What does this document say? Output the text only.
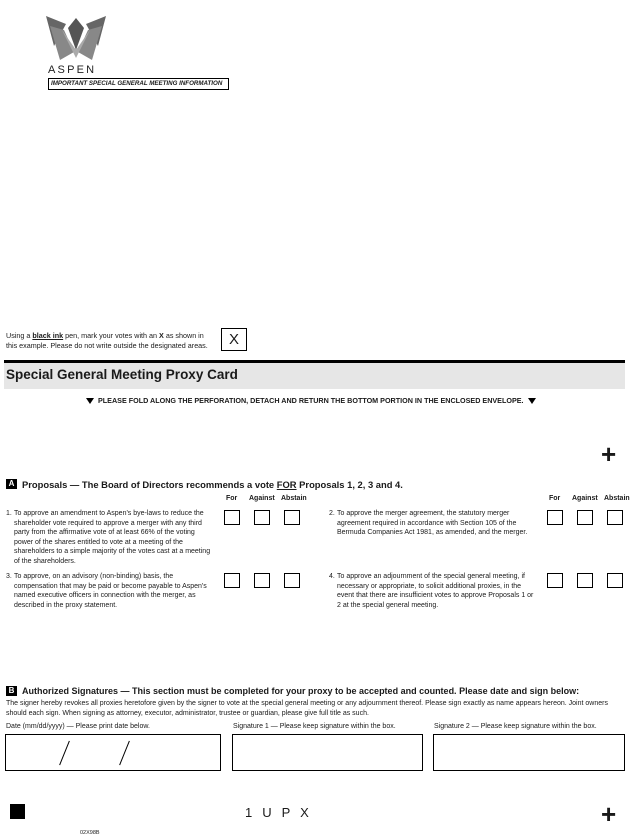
ASPEN
IMPORTANT SPECIAL GENERAL MEETING INFORMATION
Using a black ink pen, mark your votes with an X as shown in this example. Please do not write outside the designated areas.	X
Special General Meeting Proxy Card
PLEASE FOLD ALONG THE PERFORATION, DETACH AND RETURN THE BOTTOM PORTION IN THE ENCLOSED ENVELOPE.
+
A Proposals — The Board of Directors recommends a vote FOR Proposals 1, 2, 3 and 4.
For Against Abstain	For Against Abstain
1. To approve an amendment to Aspen's bye-laws to reduce the shareholder vote required to approve a merger with any third party from the affirmative vote of at least 66% of the voting power of the shares entitled to vote at a meeting of the shareholders to a simple majority of the votes cast at a meeting of the shareholders.
2. To approve the merger agreement, the statutory merger agreement required in accordance with Section 105 of the Bermuda Companies Act 1981, as amended, and the merger.
3. To approve, on an advisory (non-binding) basis, the compensation that may be paid or become payable to Aspen's named executive officers in connection with the merger, as described in the proxy statement.
4. To approve an adjournment of the special general meeting, if necessary or appropriate, to solicit additional proxies, in the event that there are insufficient votes to approve Proposals 1 or 2 at the special general meeting.
B Authorized Signatures — This section must be completed for your proxy to be accepted and counted. Please date and sign below:
The signer hereby revokes all proxies heretofore given by the signer to vote at the special general meeting or any adjournment thereof. Please sign exactly as name appears hereon. Joint owners should each sign. When signing as attorney, executor, administrator, trustee or guardian, please give full title as such.
Date (mm/dd/yyyy) — Please print date below.	Signature 1 — Please keep signature within the box.	Signature 2 — Please keep signature within the box.
1 U P X	+
02X98B
